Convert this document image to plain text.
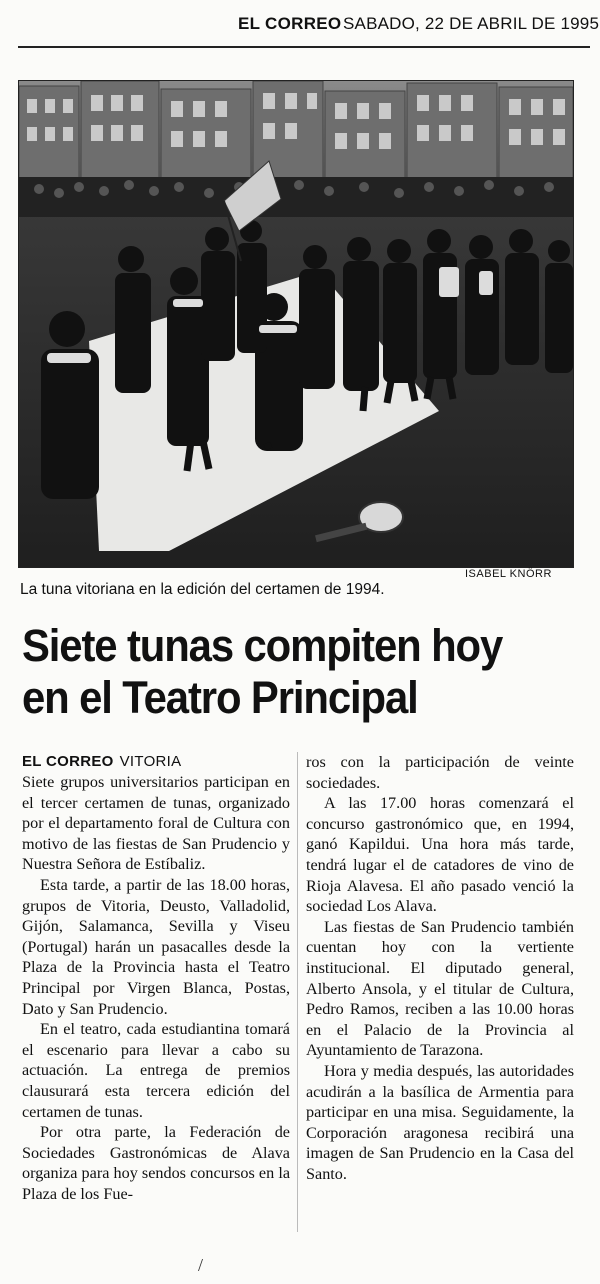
EL CORREO SABADO, 22 DE ABRIL DE 1995
ISABEL KNÖRR
La tuna vitoriana en la edición del certamen de 1994.
Siete tunas compiten hoy
en el Teatro Principal
EL CORREO VITORIA

Siete grupos universitarios participan en el tercer certamen de tunas, organizado por el departamento foral de Cultura con motivo de las fiestas de San Prudencio y Nuestra Señora de Estíbaliz.

Esta tarde, a partir de las 18.00 horas, grupos de Vitoria, Deusto, Valladolid, Gijón, Salamanca, Sevilla y Viseu (Portugal) harán un pasacalles desde la Plaza de la Provincia hasta el Teatro Principal por Virgen Blanca, Postas, Dato y San Prudencio.

En el teatro, cada estudiantina tomará el escenario para llevar a cabo su actuación. La entrega de premios clausurará esta tercera edición del certamen de tunas.

Por otra parte, la Federación de Sociedades Gastronómicas de Alava organiza para hoy sendos concursos en la Plaza de los Fue-

ros con la participación de veinte sociedades.

A las 17.00 horas comenzará el concurso gastronómico que, en 1994, ganó Kapildui. Una hora más tarde, tendrá lugar el de catadores de vino de Rioja Alavesa. El año pasado venció la sociedad Los Alava.

Las fiestas de San Prudencio también cuentan hoy con la vertiente institucional. El diputado general, Alberto Ansola, y el titular de Cultura, Pedro Ramos, reciben a las 10.00 horas en el Palacio de la Provincia al Ayuntamiento de Tarazona.

Hora y media después, las autoridades acudirán a la basílica de Armentia para participar en una misa. Seguidamente, la Corporación aragonesa recibirá una imagen de San Prudencio en la Casa del Santo.

/
